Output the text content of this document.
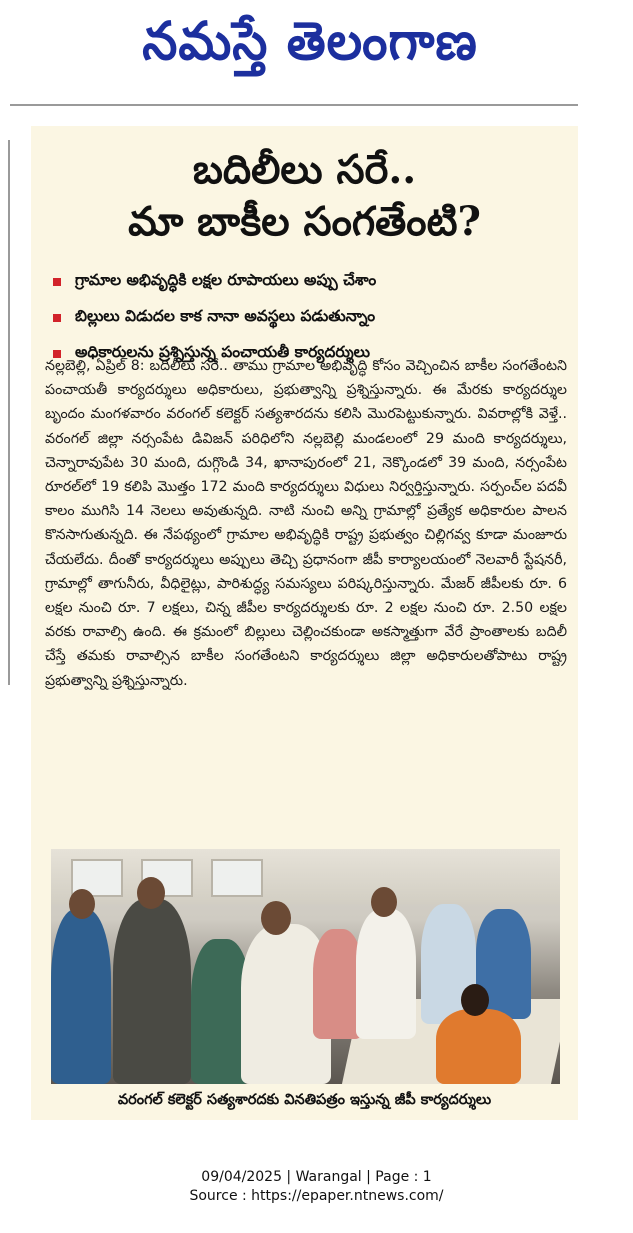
నమస్తే తెలంగాణ
బదిలీలు సరే..
మా బాకీల సంగతేంటి?
గ్రామాల అభివృద్ధికి లక్షల రూపాయలు అప్పు చేశాం
బిల్లులు విడుదల కాక నానా అవస్థలు పడుతున్నాం
అధికారులను ప్రశ్నిస్తున్న పంచాయతీ కార్యదర్శులు

నల్లబెల్లి, ఏప్రిల్ 8: బదిలీలు సరే.. తాము గ్రామాల అభివృద్ధి కోసం వెచ్చించిన బాకీల సంగతేంటని పంచాయతీ కార్యదర్శులు అధికారులు, ప్రభుత్వాన్ని ప్రశ్నిస్తున్నారు. ఈ మేరకు కార్యదర్శుల బృందం మంగళవారం వరంగల్ కలెక్టర్ సత్యశారదను కలిసి మొరపెట్టుకున్నారు. వివరాల్లోకి వెళ్తే.. వరంగల్ జిల్లా నర్సంపేట డివిజన్ పరిధిలోని నల్లబెల్లి మండలంలో 29 మంది కార్యదర్శులు, చెన్నారావుపేట 30 మంది, దుగ్గొండి 34, ఖానాపురంలో 21, నెక్కొండలో 39 మంది, నర్సంపేట రూరల్‌లో 19 కలిపి మొత్తం 172 మంది కార్యదర్శులు విధులు నిర్వర్తిస్తున్నారు. సర్పంచ్‌ల పదవీ కాలం ముగిసి 14 నెలలు అవుతున్నది. నాటి నుంచి అన్ని గ్రామాల్లో ప్రత్యేక అధికారుల పాలన కొనసాగుతున్నది. ఈ నేపథ్యంలో గ్రామాల అభివృద్ధికి రాష్ట్ర ప్రభుత్వం చిల్లిగవ్వ కూడా మంజూరు చేయలేదు. దీంతో కార్యదర్శులు అప్పులు తెచ్చి ప్రధానంగా జీపీ కార్యాలయంలో నెలవారీ స్టేషనరీ, గ్రామాల్లో తాగునీరు, వీధిలైట్లు, పారిశుద్ధ్య సమస్యలు పరిష్కరిస్తున్నారు. మేజర్ జీపీలకు రూ. 6 లక్షల నుంచి రూ. 7 లక్షలు, చిన్న జీపీల కార్యదర్శులకు రూ. 2 లక్షల నుంచి రూ. 2.50 లక్షల వరకు రావాల్సి ఉంది. ఈ క్రమంలో బిల్లులు చెల్లించకుండా అకస్మాత్తుగా వేరే ప్రాంతాలకు బదిలీ చేస్తే తమకు రావాల్సిన బాకీల సంగతేంటని కార్యదర్శులు జిల్లా అధికారులతోపాటు రాష్ట్ర ప్రభుత్వాన్ని ప్రశ్నిస్తున్నారు.

వరంగల్ కలెక్టర్ సత్యశారదకు వినతిపత్రం ఇస్తున్న జీపీ కార్యదర్శులు
09/04/2025 | Warangal | Page : 1
Source : https://epaper.ntnews.com/
